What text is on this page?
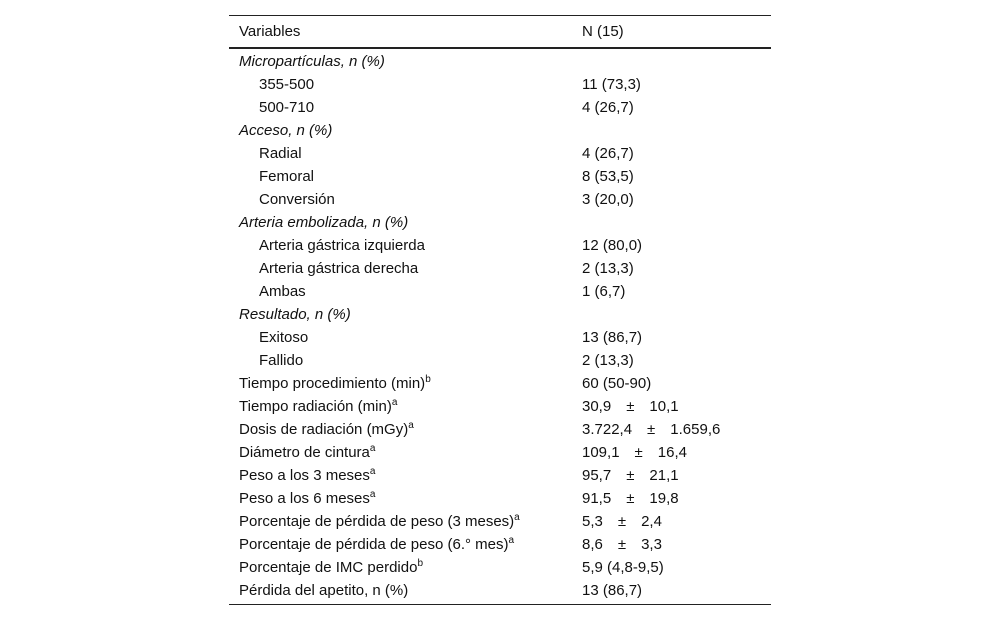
Variables	N (15)
Micropartículas, n (%)
355-500	11 (73,3)
500-710	4 (26,7)
Acceso, n (%)
Radial	4 (26,7)
Femoral	8 (53,5)
Conversión	3 (20,0)
Arteria embolizada, n (%)
Arteria gástrica izquierda	12 (80,0)
Arteria gástrica derecha	2 (13,3)
Ambas	1 (6,7)
Resultado, n (%)
Exitoso	13 (86,7)
Fallido	2 (13,3)
Tiempo procedimiento $(\min)^b$	60 (50-90)
Tiempo radiación $(\min)^a$	30,9 ± 10,1
Dosis de radiación (mGy)$^a$	3.722,4 ± 1.659,6
Diámetro de cintura$^a$	109,1 ± 16,4
Peso a los 3 meses$^a$	95,7 ± 21,1
Peso a los 6 meses$^a$	91,5 ± 19,8
Porcentaje de pérdida de peso (3 meses)$^a$	5,3 ± 2,4
Porcentaje de pérdida de peso (6.° mes)$^a$	8,6 ± 3,3
Porcentaje de IMC perdido$^b$	5,9 (4,8-9,5)
Pérdida del apetito, n (%)	13 (86,7)
